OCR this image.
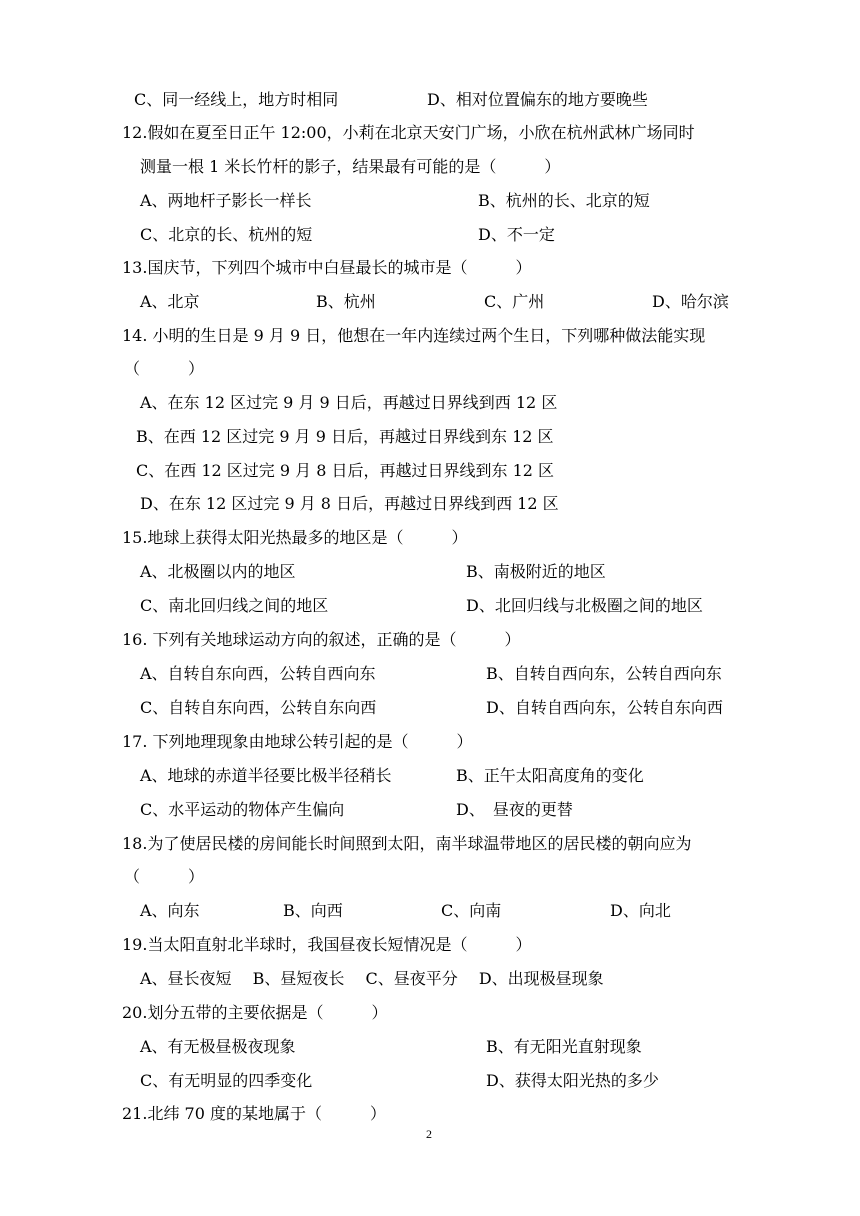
C、同一经线上，地方时相同	D、相对位置偏东的地方要晚些
12.假如在夏至日正午 12:00，小莉在北京天安门广场，小欣在杭州武林广场同时
测量一根 1 米长竹杆的影子，结果最有可能的是（　　　）
A、两地杆子影长一样长	B、杭州的长、北京的短
C、北京的长、杭州的短	D、不一定
13.国庆节，下列四个城市中白昼最长的城市是（　　　）
A、北京	B、杭州	C、广州	D、哈尔滨
14. 小明的生日是 9 月 9 日，他想在一年内连续过两个生日，下列哪种做法能实现
（　　　）
A、在东 12 区过完 9 月 9 日后，再越过日界线到西 12 区
B、在西 12 区过完 9 月 9 日后，再越过日界线到东 12 区
C、在西 12 区过完 9 月 8 日后，再越过日界线到东 12 区
D、在东 12 区过完 9 月 8 日后，再越过日界线到西 12 区
15.地球上获得太阳光热最多的地区是（　　　）
A、北极圈以内的地区	B、南极附近的地区
C、南北回归线之间的地区	D、北回归线与北极圈之间的地区
16. 下列有关地球运动方向的叙述，正确的是（　　　）
A、自转自东向西，公转自西向东	B、自转自西向东，公转自西向东
C、自转自东向西，公转自东向西	D、自转自西向东，公转自东向西
17. 下列地理现象由地球公转引起的是（　　　）
A、地球的赤道半径要比极半径稍长	B、正午太阳高度角的变化
C、水平运动的物体产生偏向	D、　昼夜的更替
18.为了使居民楼的房间能长时间照到太阳，南半球温带地区的居民楼的朝向应为
（　　　）
A、向东	B、向西	C、向南	D、向北
19.当太阳直射北半球时，我国昼夜长短情况是（　　　）
A、昼长夜短　 B、昼短夜长　 C、昼夜平分　 D、出现极昼现象
20.划分五带的主要依据是（　　　）
A、有无极昼极夜现象	B、有无阳光直射现象
C、有无明显的四季变化	D、获得太阳光热的多少
21.北纬 70 度的某地属于（　　　）
2
